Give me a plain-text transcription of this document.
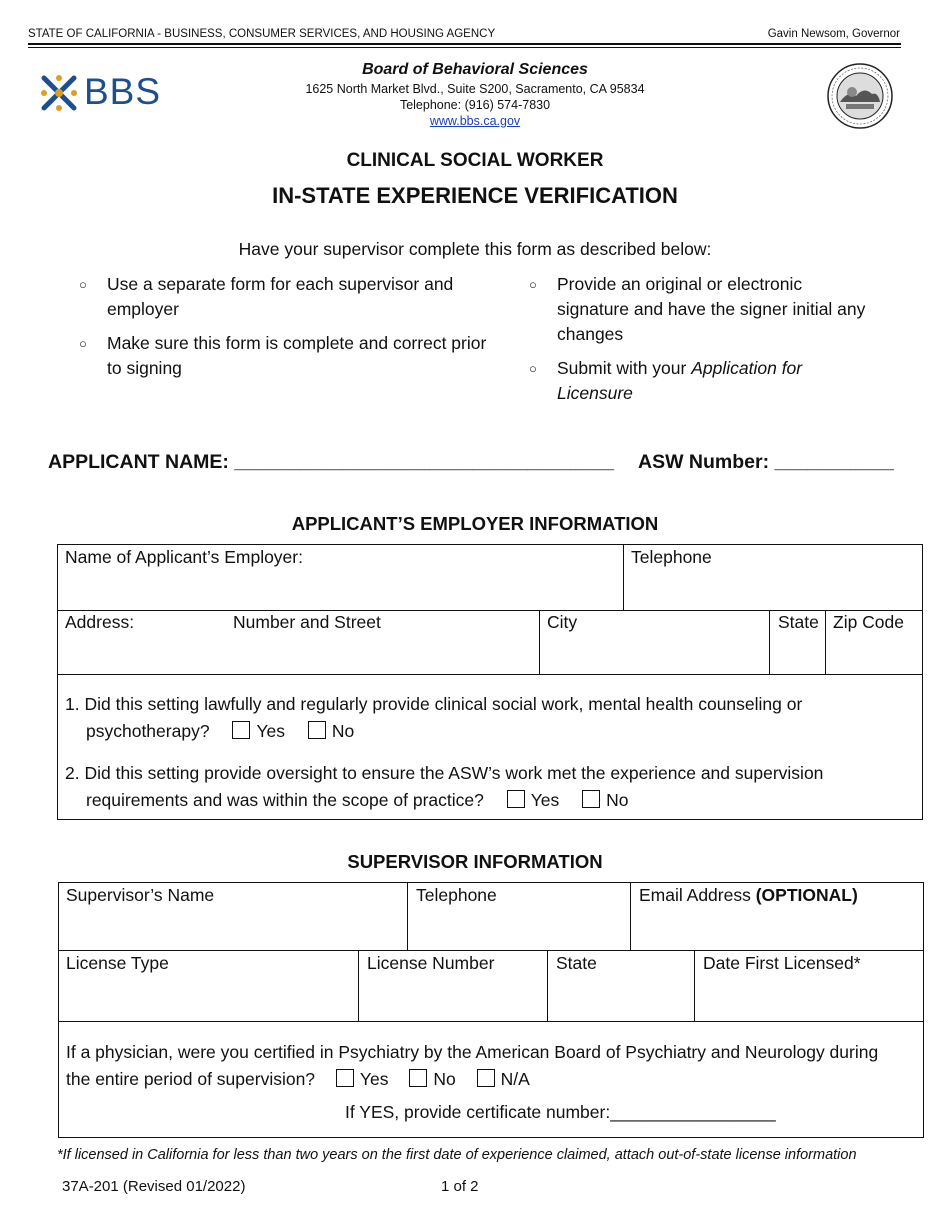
STATE OF CALIFORNIA - BUSINESS, CONSUMER SERVICES, AND HOUSING AGENCY	Gavin Newsom, Governor
BBS
Board of Behavioral Sciences
1625 North Market Blvd., Suite S200, Sacramento, CA 95834
Telephone: (916) 574-7830
www.bbs.ca.gov
CLINICAL SOCIAL WORKER
IN-STATE EXPERIENCE VERIFICATION
Have your supervisor complete this form as described below:
○ Use a separate form for each supervisor and employer
○ Make sure this form is complete and correct prior to signing
○ Provide an original or electronic signature and have the signer initial any changes
○ Submit with your Application for Licensure
APPLICANT NAME: ___________________________________ ASW Number: ___________
APPLICANT’S EMPLOYER INFORMATION
Name of Applicant’s Employer:	Telephone
Address:	Number and Street	City	State Zip Code
1. Did this setting lawfully and regularly provide clinical social work, mental health counseling or
psychotherapy?	Yes	No
2. Did this setting provide oversight to ensure the ASW’s work met the experience and supervision
requirements and was within the scope of practice?	Yes	No
SUPERVISOR INFORMATION
Supervisor’s Name	Telephone	Email Address (OPTIONAL)
License Type	License Number	State	Date First Licensed*
If a physician, were you certified in Psychiatry by the American Board of Psychiatry and Neurology during
the entire period of supervision?	Yes	No	N/A
If YES, provide certificate number:_________________
*If licensed in California for less than two years on the first date of experience claimed, attach out-of-state license information
37A-201 (Revised 01/2022)	1 of 2
